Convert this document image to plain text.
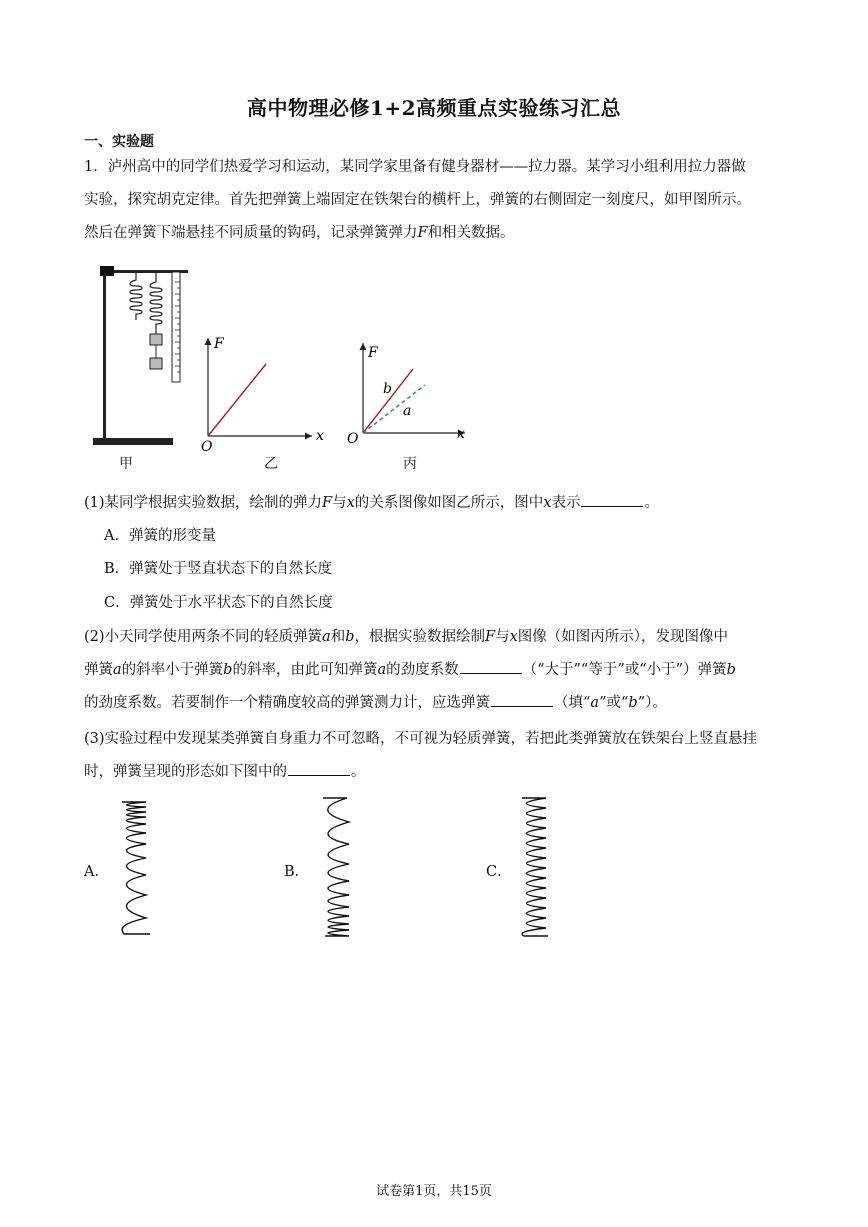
高中物理必修1+2高频重点实验练习汇总
一、实验题
1．泸州高中的同学们热爱学习和运动，某同学家里备有健身器材——拉力器。某学习小组利用拉力器做
实验，探究胡克定律。首先把弹簧上端固定在铁架台的横杆上，弹簧的右侧固定一刻度尺，如甲图所示。
然后在弹簧下端悬挂不同质量的钩码，记录弹簧弹力F和相关数据。
甲
F
x
O
乙
F
b
a
x
O
丙
(1)某同学根据实验数据，绘制的弹力F与x的关系图像如图乙所示，图中x表示	。
A．弹簧的形变量
B．弹簧处于竖直状态下的自然长度
C．弹簧处于水平状态下的自然长度
(2)小天同学使用两条不同的轻质弹簧a和b，根据实验数据绘制F与x图像（如图丙所示），发现图像中
弹簧a的斜率小于弹簧b的斜率，由此可知弹簧a的劲度系数	（“大于”“等于”或“小于”）弹簧b
的劲度系数。若要制作一个精确度较高的弹簧测力计，应选弹簧	（填“a”或“b”）。
(3)实验过程中发现某类弹簧自身重力不可忽略，不可视为轻质弹簧，若把此类弹簧放在铁架台上竖直悬挂
时，弹簧呈现的形态如下图中的	。
A．	B．	C．
试卷第1页，共15页
